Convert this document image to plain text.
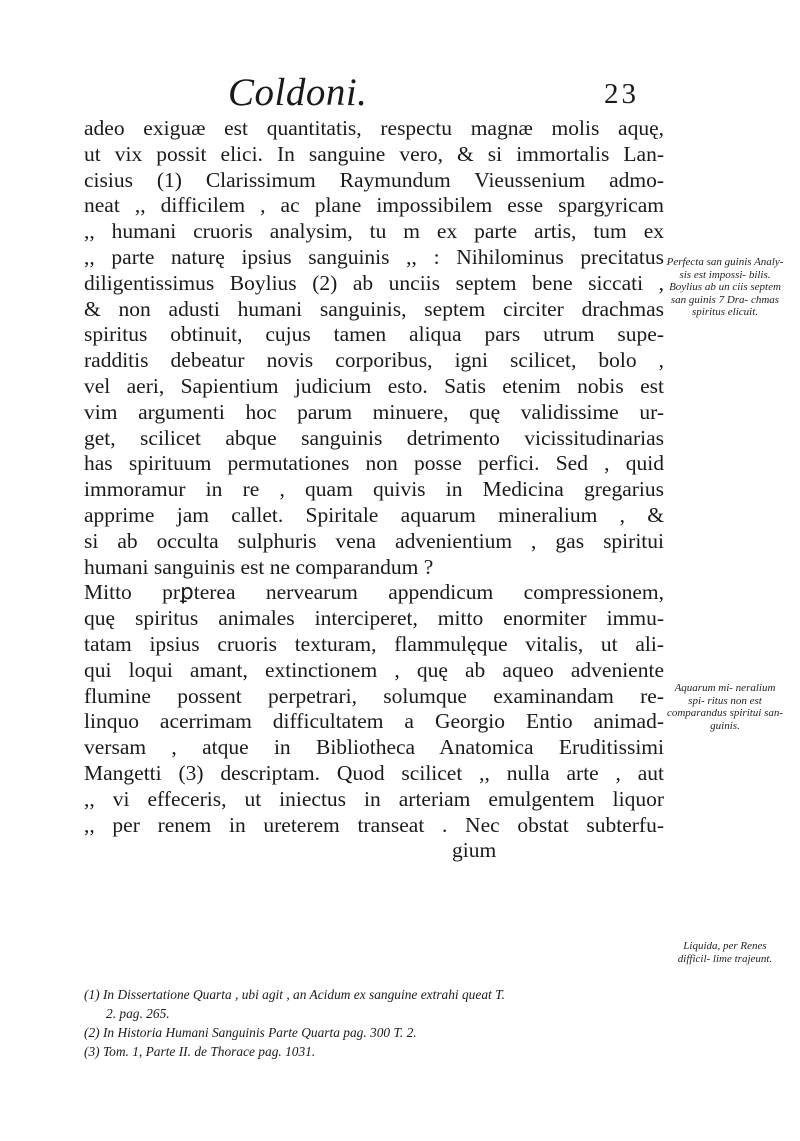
Coldoni.	23
adeo exiguæ est quantitatis, respectu magnæ molis aquę,
ut vix possit elici. In sanguine vero, & si immortalis Lan-
cisius (1) Clarissimum Raymundum Vieussenium admo-
neat ,, difficilem , ac plane impossibilem esse spargyricam
,, humani cruoris analysim, tu m ex parte artis, tum ex
,, parte naturę ipsius sanguinis ,, : Nihilominus precitatus
diligentissimus Boylius (2) ab unciis septem bene siccati ,
& non adusti humani sanguinis, septem circiter drachmas
spiritus obtinuit, cujus tamen aliqua pars utrum supe-
radditis debeatur novis corporibus, igni scilicet, bolo ,
vel aeri, Sapientium judicium esto. Satis etenim nobis est
vim argumenti hoc parum minuere, quę validissime ur-
get, scilicet abque sanguinis detrimento vicissitudinarias
has spirituum permutationes non posse perfici. Sed , quid
immoramur in re , quam quivis in Medicina gregarius
apprime jam callet. Spiritale aquarum mineralium , &
si ab occulta sulphuris vena advenientium , gas spiritui
humani sanguinis est ne comparandum ?
Mitto prꝑterea nervearum appendicum compressionem,
quę spiritus animales interciperet, mitto enormiter immu-
tatam ipsius cruoris texturam, flammulęque vitalis, ut ali-
qui loqui amant, extinctionem , quę ab aqueo adveniente
flumine possent perpetrari, solumque examinandam re-
linquo acerrimam difficultatem a Georgio Entio animad-
versam , atque in Bibliotheca Anatomica Eruditissimi
Mangetti (3) descriptam. Quod scilicet ,, nulla arte , aut
,, vi effeceris, ut iniectus in arteriam emulgentem liquor
,, per renem in ureterem transeat . Nec obstat subterfu-
gium
Perfecta san guinis Analy- sis est impossi- bilis.
Boylius ab un ciis septem san guinis 7 Dra- chmas spiritus elicuit.
Aquarum mi- neralium spi- ritus non est comparandus spiritui san- guinis.
Liquida, per Renes difficil- lime trajeunt.
(1) In Dissertatione Quarta , ubi agit , an Acidum ex sanguine extrahi queat T.
2. pag. 265.
(2) In Historia Humani Sanguinis Parte Quarta pag. 300 T. 2.
(3) Tom. 1, Parte II. de Thorace pag. 1031.
